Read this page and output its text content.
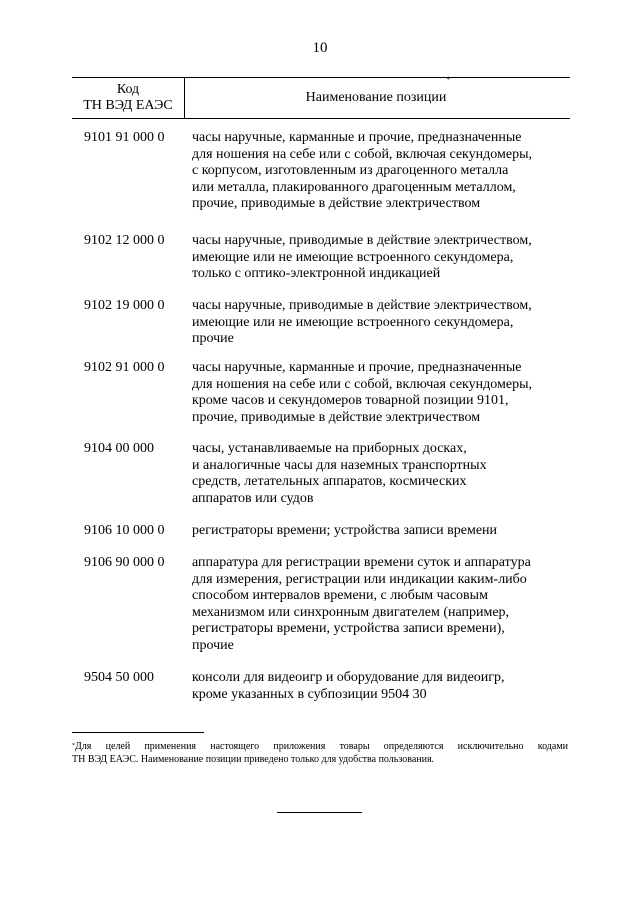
10
Код
ТН ВЭД ЕАЭС
Наименование позиции*
9101 91 000 0	часы наручные, карманные и прочие, предназначенные
для ношения на себе или с собой, включая секундомеры,
с корпусом, изготовленным из драгоценного металла
или металла, плакированного драгоценным металлом,
прочие, приводимые в действие электричеством
9102 12 000 0	часы наручные, приводимые в действие электричеством,
имеющие или не имеющие встроенного секундомера,
только с оптико-электронной индикацией
9102 19 000 0	часы наручные, приводимые в действие электричеством,
имеющие или не имеющие встроенного секундомера,
прочие
9102 91 000 0	часы наручные, карманные и прочие, предназначенные
для ношения на себе или с собой, включая секундомеры,
кроме часов и секундомеров товарной позиции 9101,
прочие, приводимые в действие электричеством
9104 00 000	часы, устанавливаемые на приборных досках,
и аналогичные часы для наземных транспортных
средств, летательных аппаратов, космических
аппаратов или судов
9106 10 000 0	регистраторы времени; устройства записи времени
9106 90 000 0	аппаратура для регистрации времени суток и аппаратура
для измерения, регистрации или индикации каким-либо
способом интервалов времени, с любым часовым
механизмом или синхронным двигателем (например,
регистраторы времени, устройства записи времени),
прочие
9504 50 000	консоли для видеоигр и оборудование для видеоигр,
кроме указанных в субпозиции 9504 30
*Для целей применения настоящего приложения товары определяются исключительно кодами
ТН ВЭД ЕАЭС. Наименование позиции приведено только для удобства пользования.
